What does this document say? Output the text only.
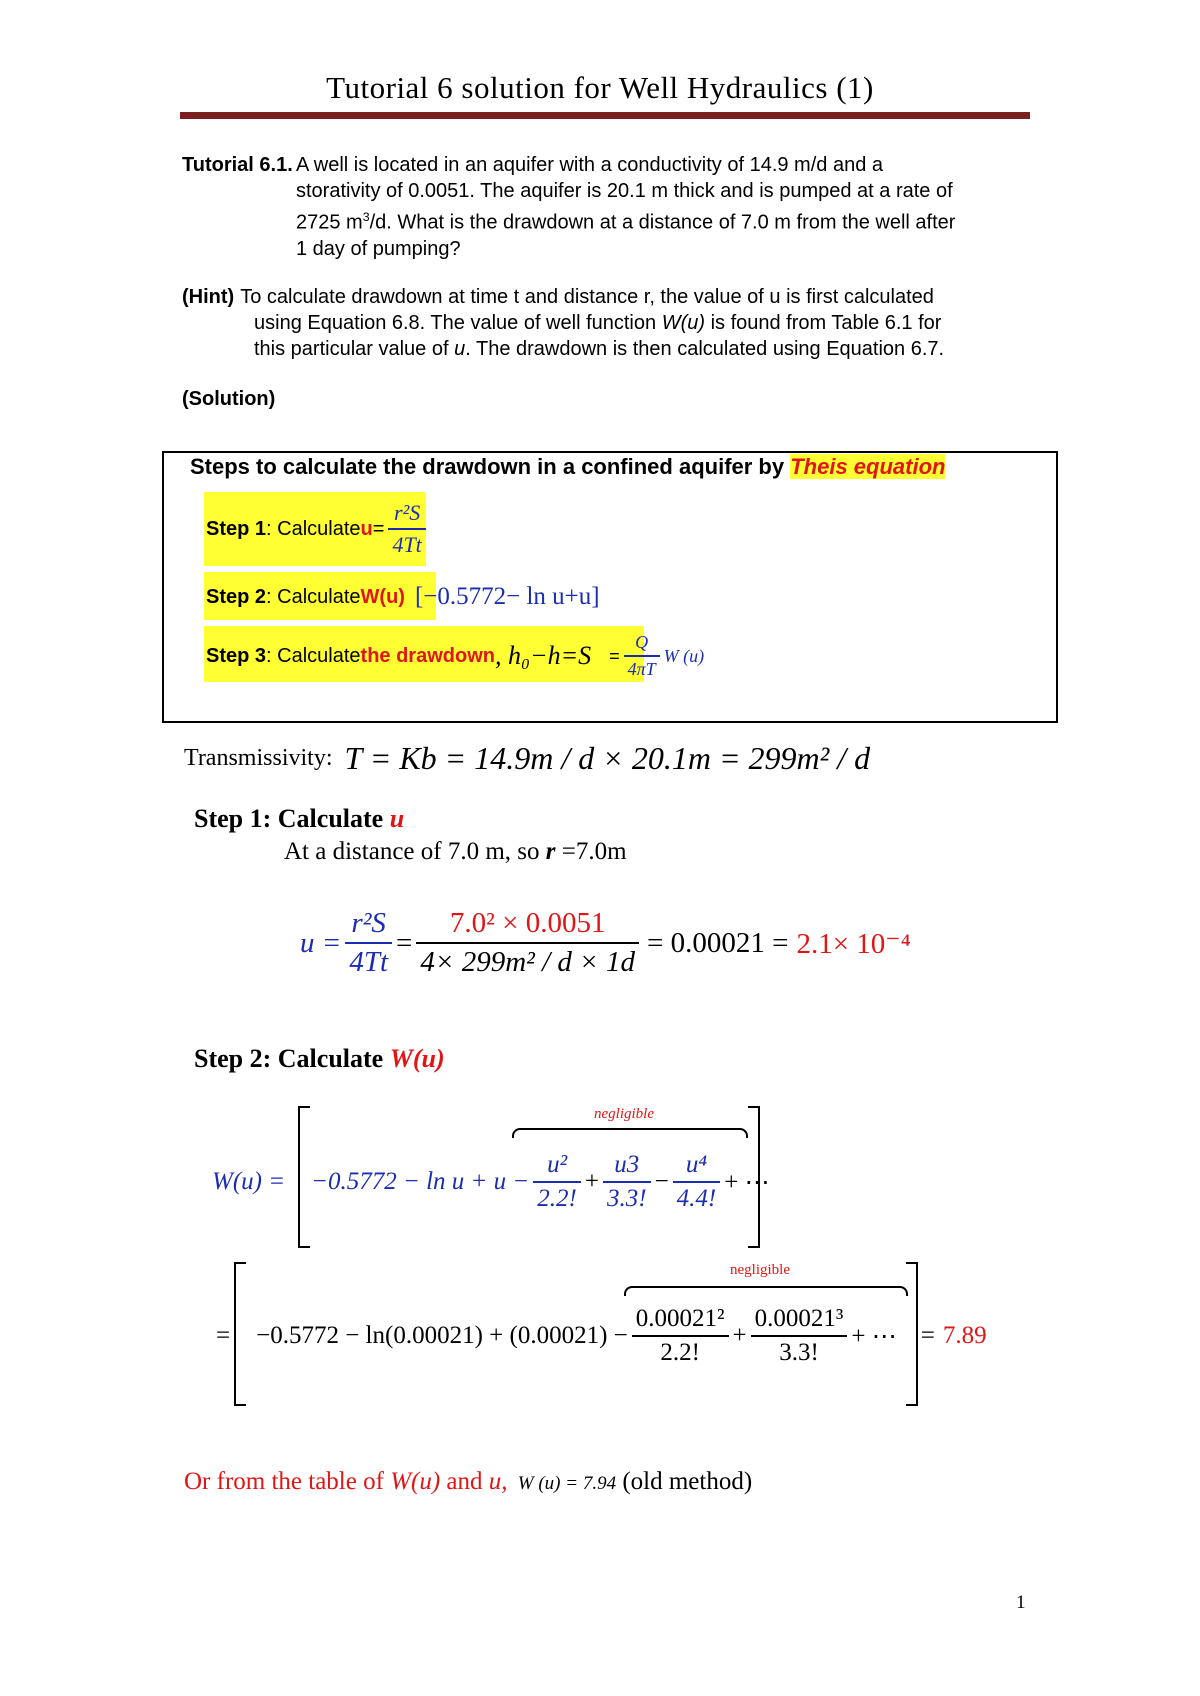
Tutorial 6 solution for Well Hydraulics (1)
Tutorial 6.1. A well is located in an aquifer with a conductivity of 14.9 m/d and a
storativity of 0.0051. The aquifer is 20.1 m thick and is pumped at a rate of
2725 $m^3/d$. What is the drawdown at a distance of 7.0 m from the well after
1 day of pumping?
(Hint) To calculate drawdown at time t and distance r, the value of u is first calculated
using Equation 6.8. The value of well function W(u) is found from Table 6.1 for
this particular value of u. The drawdown is then calculated using Equation 6.7.
(Solution)
Steps to calculate the drawdown in a confined aquifer by Theis equation
Step 1 : Calculate $u = \frac{\text{r²S}}{4Tt}$
Step 2 : Calculate W(u) [−0.5772− ln u+u]
Step 3 : Calculate the drawdown , $h_0-h=S = \frac{Q}{4\pi T}$ W (u)
Transmissivity: T = Kb = 14.9m / d × 20.1m = 299m² / d
Step 1: Calculate u
At a distance of 7.0 m, so r =7.0m
$u = \frac{\text{r²S}}{4Tt} = \frac{\text{7.0² × 0.0051}}{\text{4× 299m² / d × 1d}} = 0.00021 = 2.1\times 10^{-4}$
Step 2: Calculate W(u)
negligible
$W(u) = -0.5772 - \ln u + u - \frac{\text{u²}}{2.2!} + \frac{u3}{3.3!} - \frac{\text{u⁴}}{4.4!}$ + ⋯
negligible
= $-0.5772 - \ln(0.00021) + (0.00021) - \frac{\text{0.00021²}}{2.2!} + \frac{\text{0.00021³}}{3.3!}$ + ⋯ = 7.89
Or from the table of W(u) and u, W (u) = 7.94 (old method)
1
